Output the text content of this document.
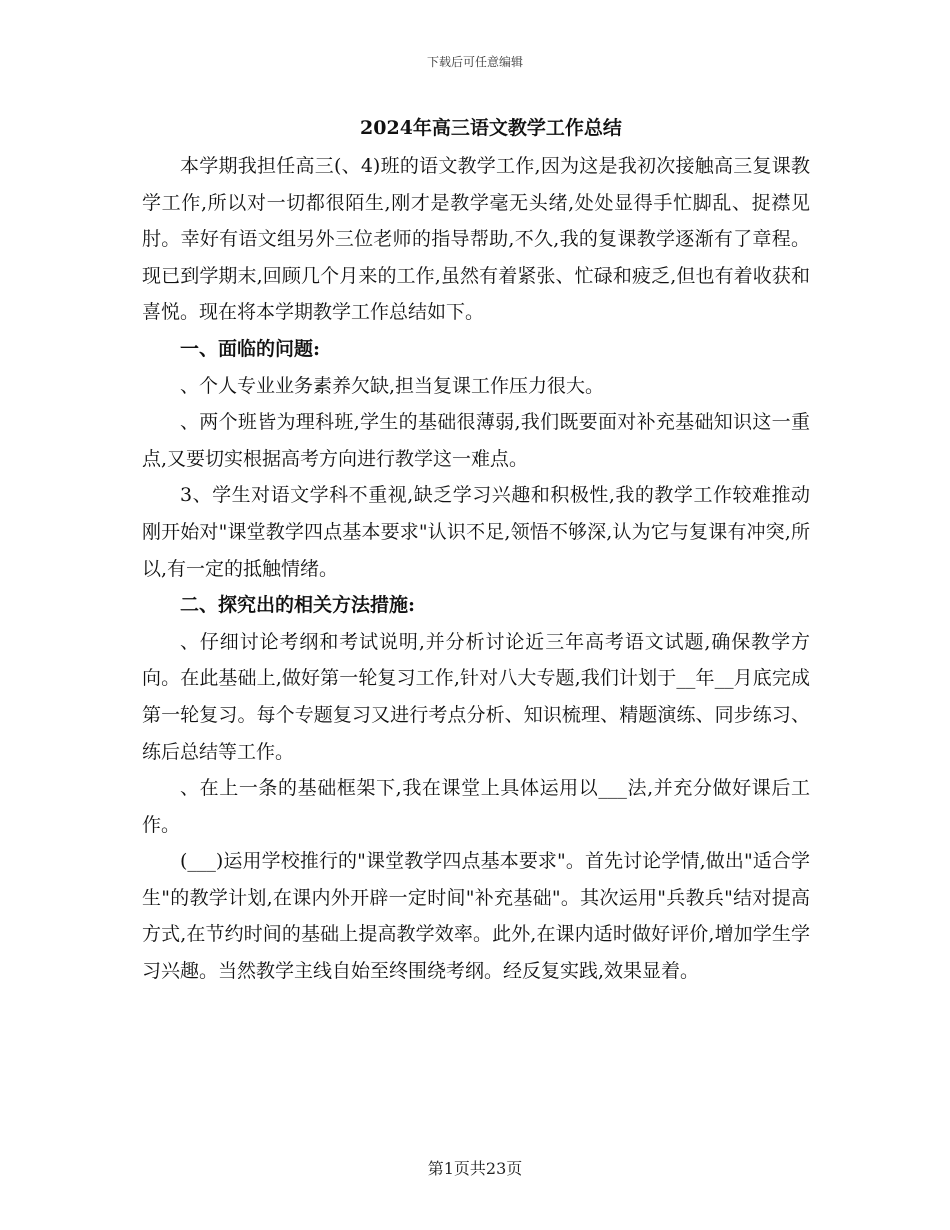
下载后可任意编辑
2024年高三语文教学工作总结

本学期我担任高三(、4)班的语文教学工作,因为这是我初次接触高三复课教学工作,所以对一切都很陌生,刚才是教学毫无头绪,处处显得手忙脚乱、捉襟见肘。幸好有语文组另外三位老师的指导帮助,不久,我的复课教学逐渐有了章程。现已到学期末,回顾几个月来的工作,虽然有着紧张、忙碌和疲乏,但也有着收获和喜悦。现在将本学期教学工作总结如下。

一、面临的问题:

、个人专业业务素养欠缺,担当复课工作压力很大。

、两个班皆为理科班,学生的基础很薄弱,我们既要面对补充基础知识这一重点,又要切实根据高考方向进行教学这一难点。

3、学生对语文学科不重视,缺乏学习兴趣和积极性,我的教学工作较难推动刚开始对"课堂教学四点基本要求"认识不足,领悟不够深,认为它与复课有冲突,所以,有一定的抵触情绪。

二、探究出的相关方法措施:

、仔细讨论考纲和考试说明,并分析讨论近三年高考语文试题,确保教学方向。在此基础上,做好第一轮复习工作,针对八大专题,我们计划于__年__月底完成第一轮复习。每个专题复习又进行考点分析、知识梳理、精题演练、同步练习、练后总结等工作。

、在上一条的基础框架下,我在课堂上具体运用以___法,并充分做好课后工作。

(___)运用学校推行的"课堂教学四点基本要求"。首先讨论学情,做出"适合学生"的教学计划,在课内外开辟一定时间"补充基础"。其次运用"兵教兵"结对提高方式,在节约时间的基础上提高教学效率。此外,在课内适时做好评价,增加学生学习兴趣。当然教学主线自始至终围绕考纲。经反复实践,效果显着。

第1页共23页
